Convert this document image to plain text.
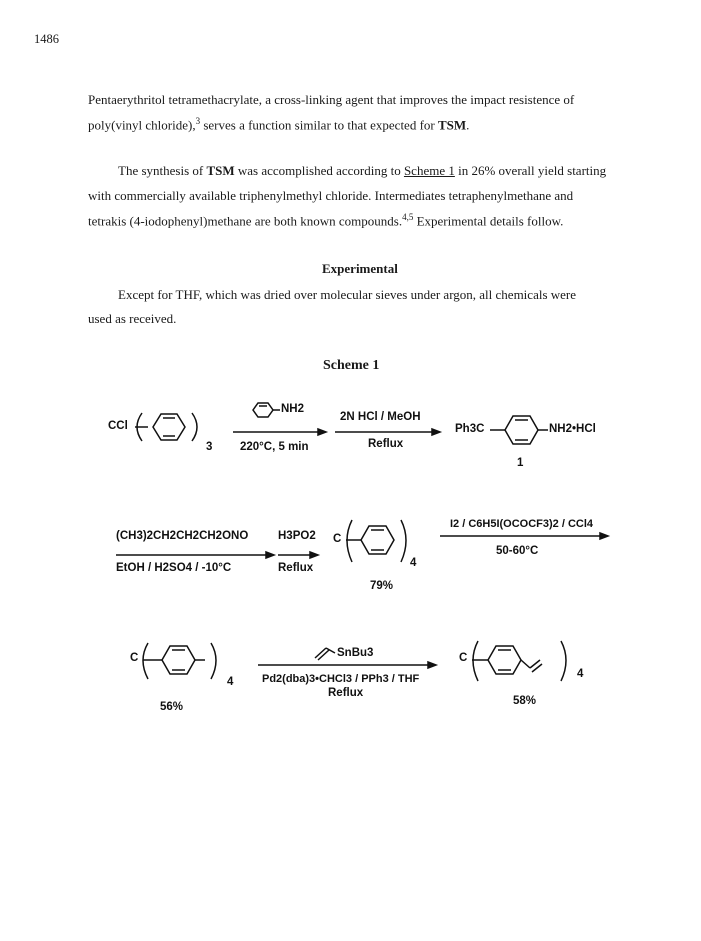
1486
Pentaerythritol tetramethacrylate, a cross-linking agent that improves the impact resistence of
poly(vinyl chloride),$^3$ serves a function similar to that expected for TSM.
The synthesis of TSM was accomplished according to Scheme 1 in 26% overall yield starting
with commercially available triphenylmethyl chloride. Intermediates tetraphenylmethane and
tetrakis (4-iodophenyl)methane are both known compounds.$^{4,5}$ Experimental details follow.
Experimental
Except for THF, which was dried over molecular sieves under argon, all chemicals were
used as received.
Scheme 1
CCl
3
NH2
220°C, 5 min
2N HCl / MeOH
Reflux
Ph3C	NH2•HCl
1
(CH3)2CH2CH2CH2ONO
EtOH / H2SO4 / -10°C
H3PO2
Reflux
C
4
79%
I2 / C6H5I(OCOCF3)2 / CCl4
50-60°C
C
4
56%
SnBu3
Pd2(dba)3•CHCl3 / PPh3 / THF
Reflux
C
4
58%
